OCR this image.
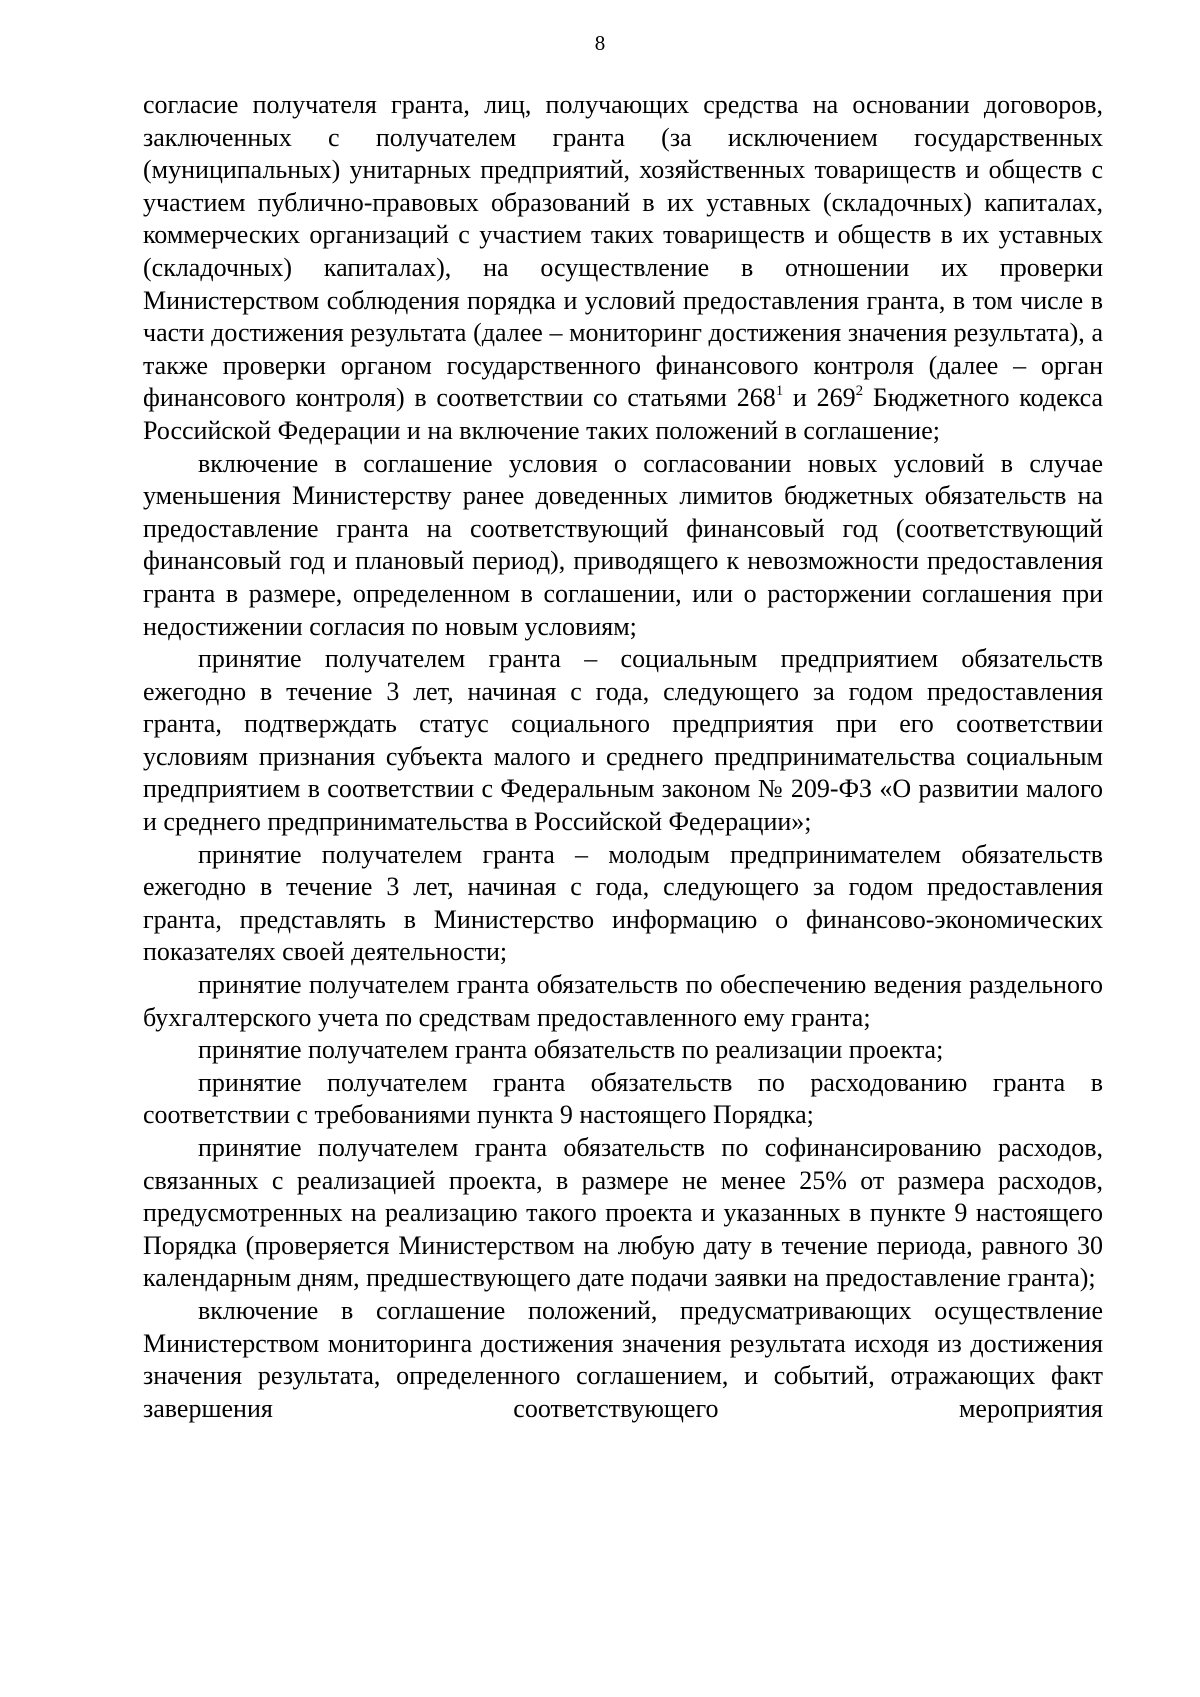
8

согласие получателя гранта, лиц, получающих средства на основании договоров, заключенных с получателем гранта (за исключением государственных (муниципальных) унитарных предприятий, хозяйственных товариществ и обществ с участием публично-правовых образований в их уставных (складочных) капиталах, коммерческих организаций с участием таких товариществ и обществ в их уставных (складочных) капиталах), на осуществление в отношении их проверки Министерством соблюдения порядка и условий предоставления гранта, в том числе в части достижения результата (далее – мониторинг достижения значения результата), а также проверки органом государственного финансового контроля (далее – орган финансового контроля) в соответствии со статьями $268^1$ и $269^2$ Бюджетного кодекса Российской Федерации и на включение таких положений в соглашение;

включение в соглашение условия о согласовании новых условий в случае уменьшения Министерству ранее доведенных лимитов бюджетных обязательств на предоставление гранта на соответствующий финансовый год (соответствующий финансовый год и плановый период), приводящего к невозможности предоставления гранта в размере, определенном в соглашении, или о расторжении соглашения при недостижении согласия по новым условиям;

принятие получателем гранта – социальным предприятием обязательств ежегодно в течение 3 лет, начиная с года, следующего за годом предоставления гранта, подтверждать статус социального предприятия при его соответствии условиям признания субъекта малого и среднего предпринимательства социальным предприятием в соответствии с Федеральным законом № 209-ФЗ «О развитии малого и среднего предпринимательства в Российской Федерации»;

принятие получателем гранта – молодым предпринимателем обязательств ежегодно в течение 3 лет, начиная с года, следующего за годом предоставления гранта, представлять в Министерство информацию о финансово-экономических показателях своей деятельности;

принятие получателем гранта обязательств по обеспечению ведения раздельного бухгалтерского учета по средствам предоставленного ему гранта;

принятие получателем гранта обязательств по реализации проекта;

принятие получателем гранта обязательств по расходованию гранта в соответствии с требованиями пункта 9 настоящего Порядка;

принятие получателем гранта обязательств по софинансированию расходов, связанных с реализацией проекта, в размере не менее 25% от размера расходов, предусмотренных на реализацию такого проекта и указанных в пункте 9 настоящего Порядка (проверяется Министерством на любую дату в течение периода, равного 30 календарным дням, предшествующего дате подачи заявки на предоставление гранта);

включение в соглашение положений, предусматривающих осуществление Министерством мониторинга достижения значения результата исходя из достижения значения результата, определенного соглашением, и событий, отражающих факт завершения соответствующего мероприятия
